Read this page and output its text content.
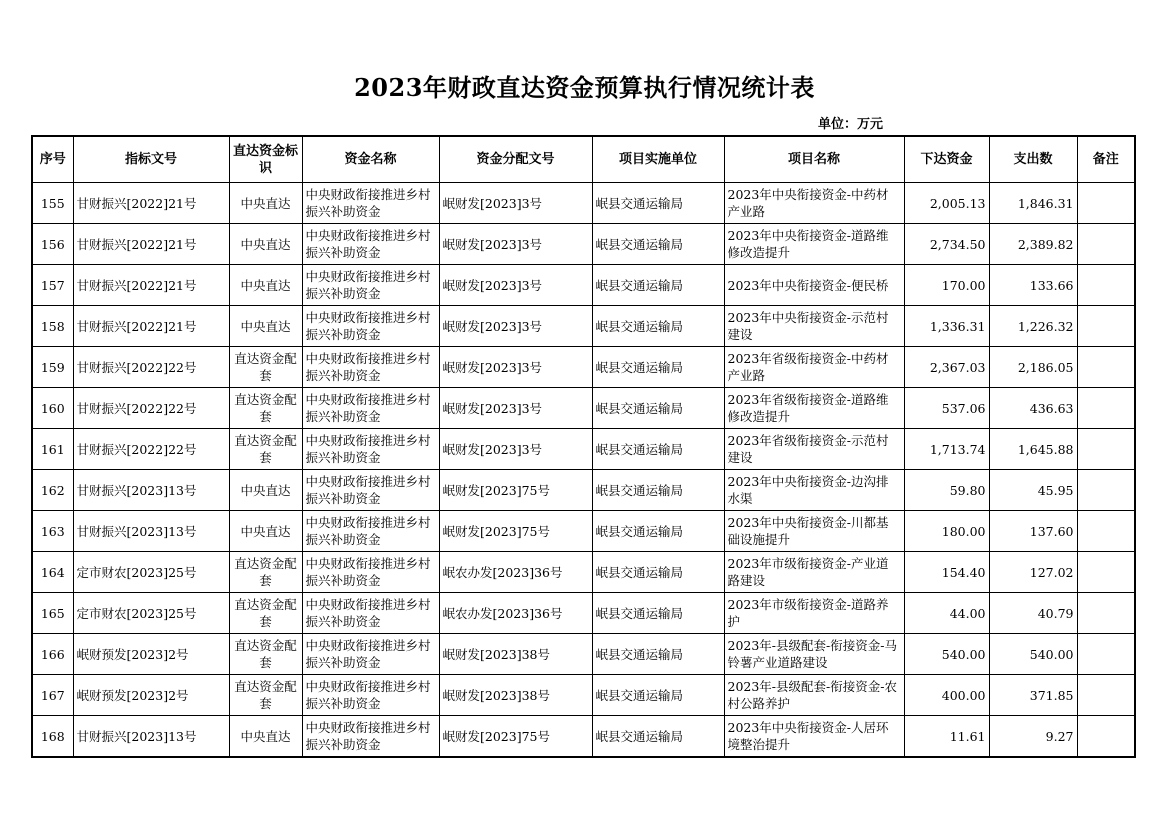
2023年财政直达资金预算执行情况统计表
单位：万元
序号	指标文号	直达资金标识	资金名称	资金分配文号	项目实施单位	项目名称	下达资金	支出数	备注
155	甘财振兴[2022]21号	中央直达	中央财政衔接推进乡村振兴补助资金	岷财发[2023]3号	岷县交通运输局	2023年中央衔接资金-中药材产业路	2,005.13	1,846.31	
156	甘财振兴[2022]21号	中央直达	中央财政衔接推进乡村振兴补助资金	岷财发[2023]3号	岷县交通运输局	2023年中央衔接资金-道路维修改造提升	2,734.50	2,389.82	
157	甘财振兴[2022]21号	中央直达	中央财政衔接推进乡村振兴补助资金	岷财发[2023]3号	岷县交通运输局	2023年中央衔接资金-便民桥	170.00	133.66	
158	甘财振兴[2022]21号	中央直达	中央财政衔接推进乡村振兴补助资金	岷财发[2023]3号	岷县交通运输局	2023年中央衔接资金-示范村建设	1,336.31	1,226.32	
159	甘财振兴[2022]22号	直达资金配套	中央财政衔接推进乡村振兴补助资金	岷财发[2023]3号	岷县交通运输局	2023年省级衔接资金-中药材产业路	2,367.03	2,186.05	
160	甘财振兴[2022]22号	直达资金配套	中央财政衔接推进乡村振兴补助资金	岷财发[2023]3号	岷县交通运输局	2023年省级衔接资金-道路维修改造提升	537.06	436.63	
161	甘财振兴[2022]22号	直达资金配套	中央财政衔接推进乡村振兴补助资金	岷财发[2023]3号	岷县交通运输局	2023年省级衔接资金-示范村建设	1,713.74	1,645.88	
162	甘财振兴[2023]13号	中央直达	中央财政衔接推进乡村振兴补助资金	岷财发[2023]75号	岷县交通运输局	2023年中央衔接资金-边沟排水渠	59.80	45.95	
163	甘财振兴[2023]13号	中央直达	中央财政衔接推进乡村振兴补助资金	岷财发[2023]75号	岷县交通运输局	2023年中央衔接资金-川都基础设施提升	180.00	137.60	
164	定市财农[2023]25号	直达资金配套	中央财政衔接推进乡村振兴补助资金	岷农办发[2023]36号	岷县交通运输局	2023年市级衔接资金-产业道路建设	154.40	127.02	
165	定市财农[2023]25号	直达资金配套	中央财政衔接推进乡村振兴补助资金	岷农办发[2023]36号	岷县交通运输局	2023年市级衔接资金-道路养护	44.00	40.79	
166	岷财预发[2023]2号	直达资金配套	中央财政衔接推进乡村振兴补助资金	岷财发[2023]38号	岷县交通运输局	2023年-县级配套-衔接资金-马铃薯产业道路建设	540.00	540.00	
167	岷财预发[2023]2号	直达资金配套	中央财政衔接推进乡村振兴补助资金	岷财发[2023]38号	岷县交通运输局	2023年-县级配套-衔接资金-农村公路养护	400.00	371.85	
168	甘财振兴[2023]13号	中央直达	中央财政衔接推进乡村振兴补助资金	岷财发[2023]75号	岷县交通运输局	2023年中央衔接资金-人居环境整治提升	11.61	9.27	
